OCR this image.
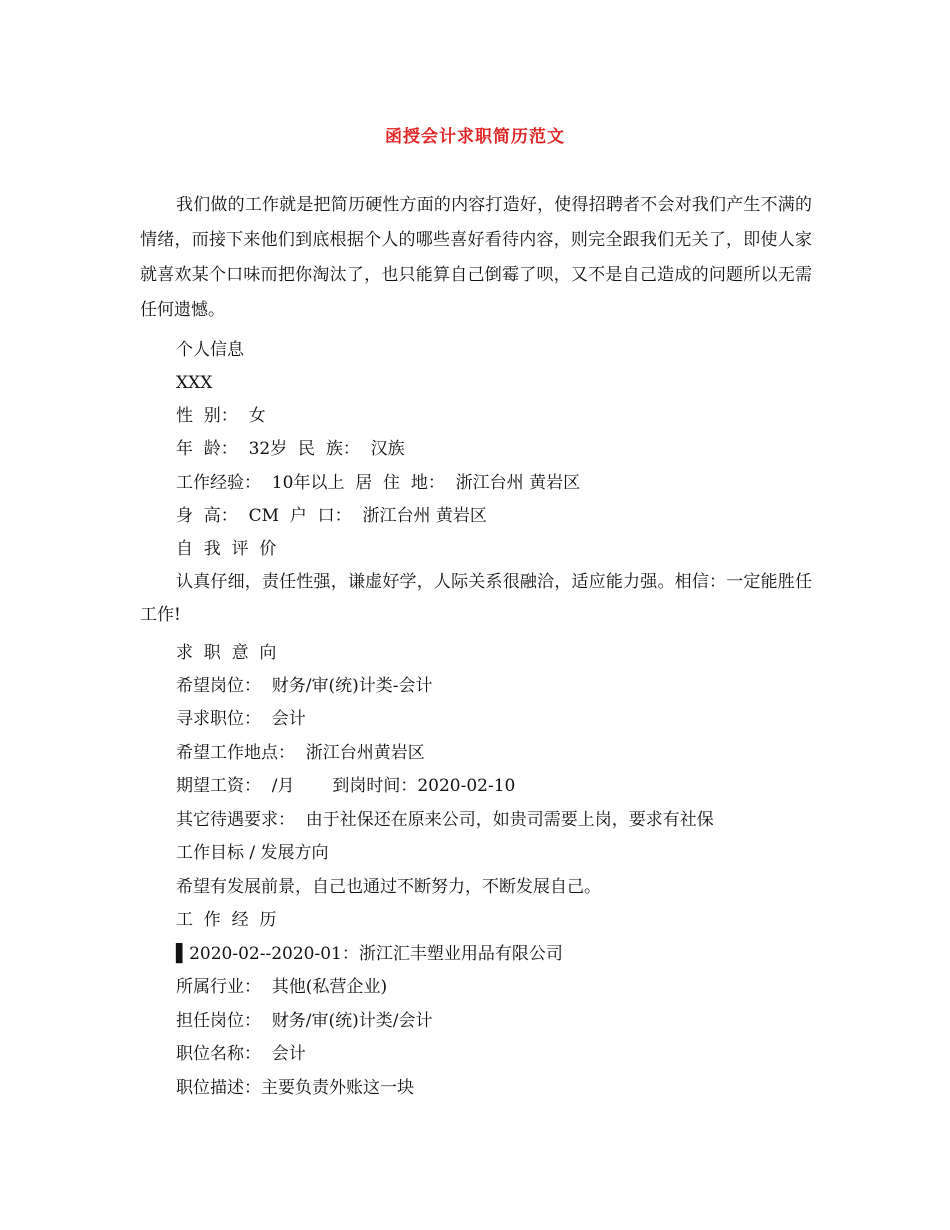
函授会计求职简历范文

我们做的工作就是把简历硬性方面的内容打造好，使得招聘者不会对我们产生不满的情绪，而接下来他们到底根据个人的哪些喜好看待内容，则完全跟我们无关了，即使人家就喜欢某个口味而把你淘汰了，也只能算自己倒霉了呗，又不是自己造成的问题所以无需任何遗憾。

个人信息
XXX
性  别：  女
年  龄：  32岁  民  族：  汉族
工作经验：  10年以上  居  住  地：  浙江台州 黄岩区
身  高：  CM  户  口：  浙江台州 黄岩区
自  我  评  价

认真仔细，责任性强，谦虚好学，人际关系很融洽，适应能力强。相信：一定能胜任工作!

求  职  意  向
希望岗位：  财务/审(统)计类-会计
寻求职位：  会计
希望工作地点：  浙江台州黄岩区
期望工资：  /月       到岗时间：2020-02-10
其它待遇要求：  由于社保还在原来公司，如贵司需要上岗，要求有社保
工作目标 / 发展方向
希望有发展前景，自己也通过不断努力，不断发展自己。
工  作  经  历
▌2020-02--2020-01：浙江汇丰塑业用品有限公司
所属行业：  其他(私营企业)
担任岗位：  财务/审(统)计类/会计
职位名称：  会计
职位描述：主要负责外账这一块
